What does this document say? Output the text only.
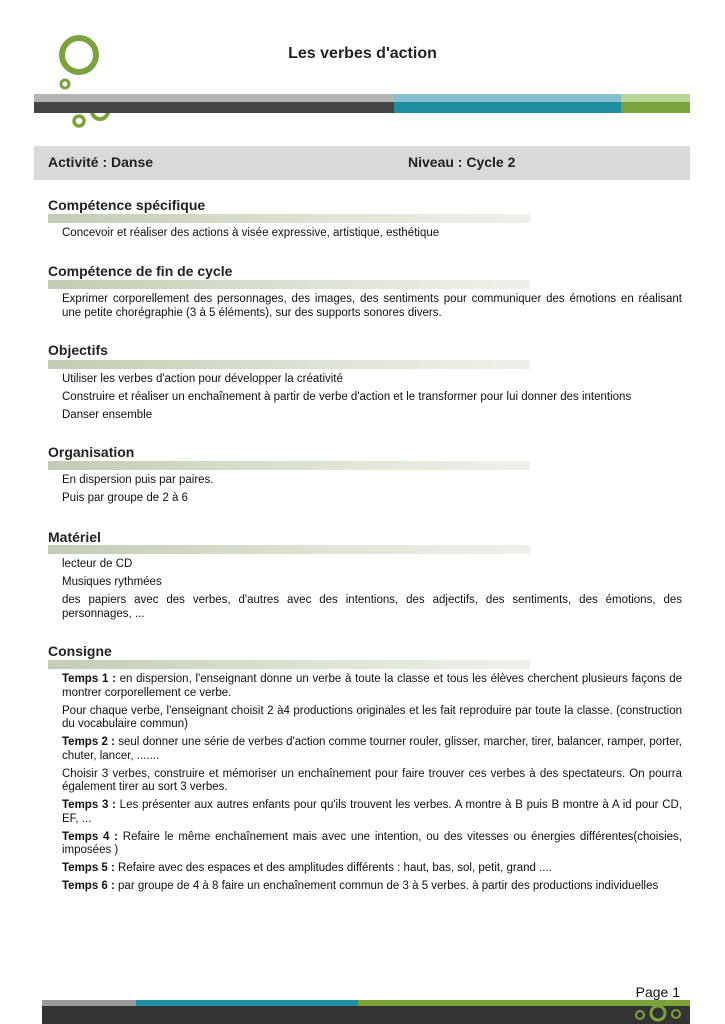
Les verbes d'action
Activité : Danse	Niveau : Cycle 2
Compétence spécifique

Concevoir et réaliser des actions à visée expressive, artistique, esthétique

Compétence de fin de cycle

Exprimer corporellement des personnages, des images, des sentiments pour communiquer des émotions en réalisant une petite chorégraphie (3 à 5 éléments), sur des supports sonores divers.

Objectifs

Utiliser les verbes d'action pour développer la créativité

Construire et réaliser un enchaînement à partir de verbe d'action et le transformer pour lui donner des intentions

Danser ensemble

Organisation

En dispersion puis par paires.

Puis par groupe de 2 à 6

Matériel

lecteur de CD

Musiques rythmées

des papiers avec des verbes, d'autres avec des intentions, des adjectifs, des sentiments, des émotions, des personnages, ...

Consigne

Temps 1 : en dispersion, l'enseignant donne un verbe à toute la classe et tous les élèves cherchent plusieurs façons de montrer corporellement ce verbe.

Pour chaque verbe, l'enseignant choisit 2 à4 productions originales et les fait reproduire par toute la classe. (construction du vocabulaire commun)

Temps 2 : seul donner une série de verbes d'action comme tourner rouler, glisser, marcher, tirer, balancer, ramper, porter, chuter, lancer, .......

Choisir 3 verbes, construire et mémoriser un enchaînement pour faire trouver ces verbes à des spectateurs. On pourra également tirer au sort 3 verbes.

Temps 3 : Les présenter aux autres enfants pour qu'ils trouvent les verbes. A montre à B puis B montre à A id pour CD, EF, ...

Temps 4 : Refaire le même enchaînement mais avec une intention, ou des vitesses ou énergies différentes(choisies, imposées )

Temps 5 : Refaire avec des espaces et des amplitudes différents : haut, bas, sol, petit, grand ....

Temps 6 : par groupe de 4 à 8 faire un enchaînement commun de 3 à 5 verbes. à partir des productions individuelles

Page 1
